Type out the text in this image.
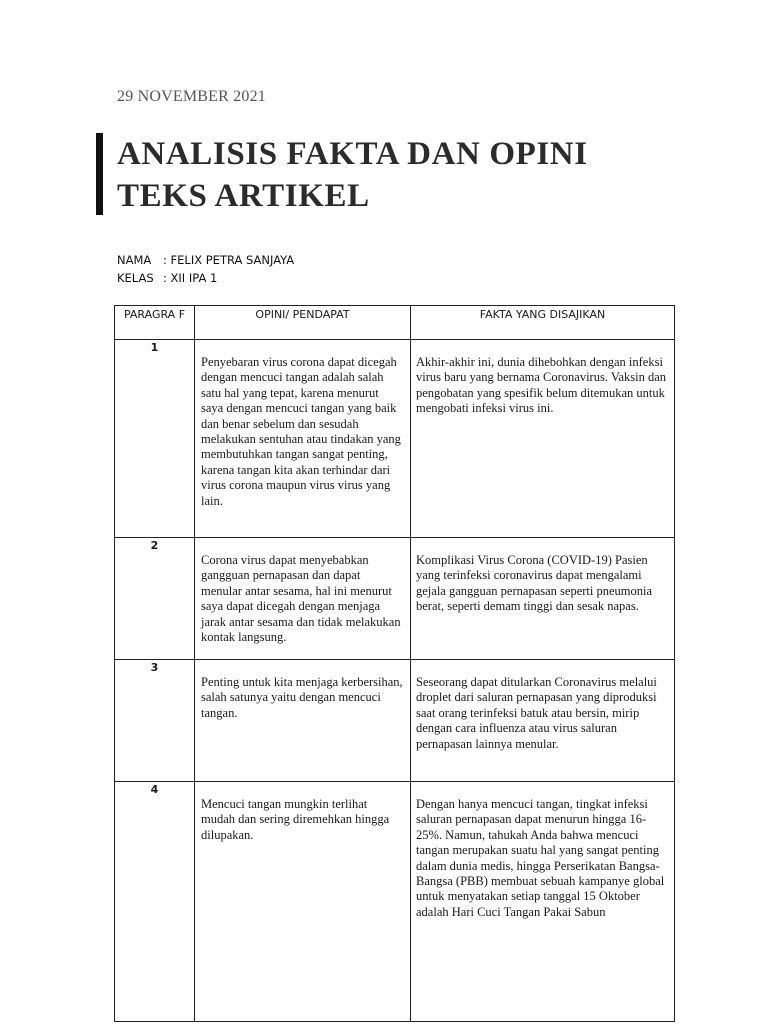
29 NOVEMBER 2021
ANALISIS FAKTA DAN OPINI
TEKS ARTIKEL
NAMA : FELIX PETRA SANJAYA
KELAS : XII IPA 1
PARAGRA F	OPINI/ PENDAPAT	FAKTA YANG DISAJIKAN
1	Penyebaran virus corona dapat dicegah dengan mencuci tangan adalah salah satu hal yang tepat, karena menurut saya dengan mencuci tangan yang baik dan benar sebelum dan sesudah melakukan sentuhan atau tindakan yang membutuhkan tangan sangat penting, karena tangan kita akan terhindar dari virus corona maupun virus virus yang lain.	Akhir-akhir ini, dunia dihebohkan dengan infeksi virus baru yang bernama Coronavirus. Vaksin dan pengobatan yang spesifik belum ditemukan untuk mengobati infeksi virus ini.
2	Corona virus dapat menyebabkan gangguan pernapasan dan dapat menular antar sesama, hal ini menurut saya dapat dicegah dengan menjaga jarak antar sesama dan tidak melakukan kontak langsung.	Komplikasi Virus Corona (COVID-19) Pasien yang terinfeksi coronavirus dapat mengalami gejala gangguan pernapasan seperti pneumonia berat, seperti demam tinggi dan sesak napas.
3	Penting untuk kita menjaga kerbersihan, salah satunya yaitu dengan mencuci tangan.	Seseorang dapat ditularkan Coronavirus melalui droplet dari saluran pernapasan yang diproduksi saat orang terinfeksi batuk atau bersin, mirip dengan cara influenza atau virus saluran pernapasan lainnya menular.
4	Mencuci tangan mungkin terlihat mudah dan sering diremehkan hingga dilupakan.	Dengan hanya mencuci tangan, tingkat infeksi saluran pernapasan dapat menurun hingga 16-25%. Namun, tahukah Anda bahwa mencuci tangan merupakan suatu hal yang sangat penting dalam dunia medis, hingga Perserikatan Bangsa-Bangsa (PBB) membuat sebuah kampanye global untuk menyatakan setiap tanggal 15 Oktober adalah Hari Cuci Tangan Pakai Sabun
